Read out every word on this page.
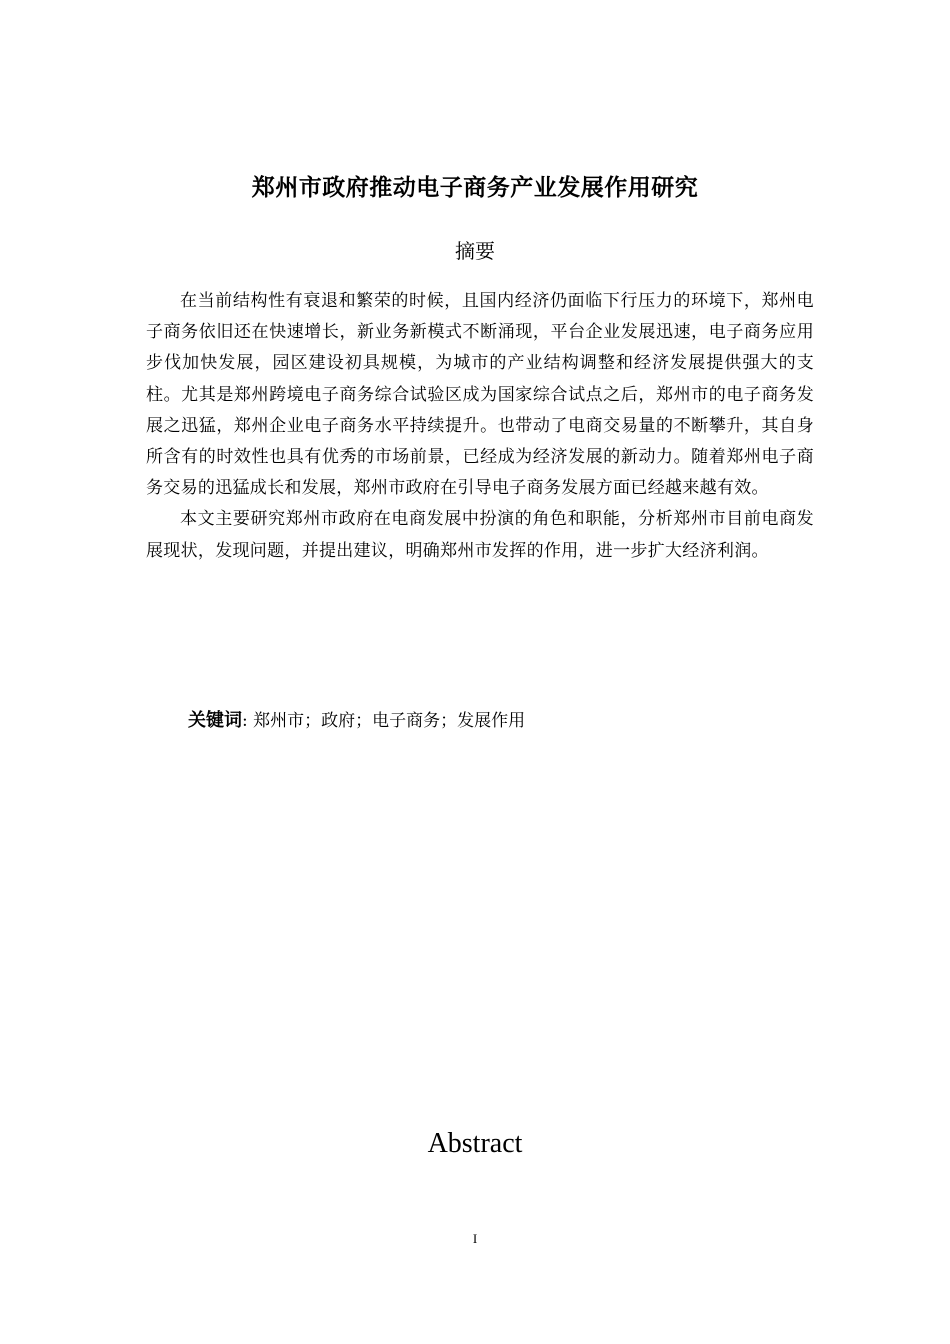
郑州市政府推动电子商务产业发展作用研究
摘要

在当前结构性有衰退和繁荣的时候，且国内经济仍面临下行压力的环境下，郑州电子商务依旧还在快速增长，新业务新模式不断涌现，平台企业发展迅速，电子商务应用步伐加快发展，园区建设初具规模，为城市的产业结构调整和经济发展提供强大的支柱。尤其是郑州跨境电子商务综合试验区成为国家综合试点之后，郑州市的电子商务发展之迅猛，郑州企业电子商务水平持续提升。也带动了电商交易量的不断攀升，其自身所含有的时效性也具有优秀的市场前景，已经成为经济发展的新动力。随着郑州电子商务交易的迅猛成长和发展，郑州市政府在引导电子商务发展方面已经越来越有效。

本文主要研究郑州市政府在电商发展中扮演的角色和职能，分析郑州市目前电商发展现状，发现问题，并提出建议，明确郑州市发挥的作用，进一步扩大经济利润。

关键词: 郑州市；政府；电子商务；发展作用
Abstract
I
